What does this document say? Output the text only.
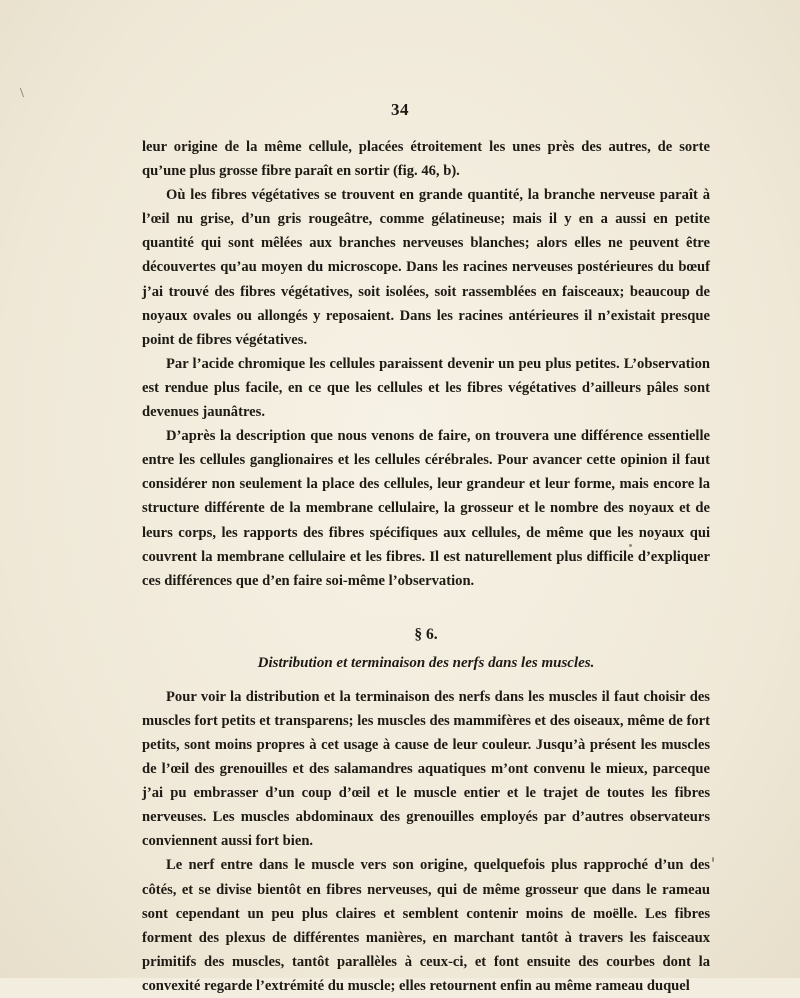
\
34

leur origine de la même cellule, placées étroitement les unes près des autres, de sorte qu’une plus grosse fibre paraît en sortir (fig. 46, b).

Où les fibres végétatives se trouvent en grande quantité, la branche nerveuse paraît à l’œil nu grise, d’un gris rougeâtre, comme gélatineuse; mais il y en a aussi en petite quantité qui sont mêlées aux branches nerveuses blanches; alors elles ne peuvent être découvertes qu’au moyen du microscope. Dans les racines nerveuses postérieures du bœuf j’ai trouvé des fibres végétatives, soit isolées, soit rassemblées en faisceaux; beaucoup de noyaux ovales ou allongés y reposaient. Dans les racines antérieures il n’existait presque point de fibres végétatives.

Par l’acide chromique les cellules paraissent devenir un peu plus petites. L’observation est rendue plus facile, en ce que les cellules et les fibres végétatives d’ailleurs pâles sont devenues jaunâtres.

D’après la description que nous venons de faire, on trouvera une différence essentielle entre les cellules ganglionaires et les cellules cérébrales. Pour avancer cette opinion il faut considérer non seulement la place des cellules, leur grandeur et leur forme, mais encore la structure différente de la membrane cellulaire, la grosseur et le nombre des noyaux et de leurs corps, les rapports des fibres spécifiques aux cellules, de même que les noyaux qui couvrent la membrane cellulaire et les fibres. Il est naturellement plus difficile d’expliquer ces différences que d’en faire soi-même l’observation.

§ 6.
Distribution et terminaison des nerfs dans les muscles.

Pour voir la distribution et la terminaison des nerfs dans les muscles il faut choisir des muscles fort petits et transparens; les muscles des mammifères et des oiseaux, même de fort petits, sont moins propres à cet usage à cause de leur couleur. Jusqu’à présent les muscles de l’œil des grenouilles et des salamandres aquatiques m’ont convenu le mieux, parceque j’ai pu embrasser d’un coup d’œil et le muscle entier et le trajet de toutes les fibres nerveuses. Les muscles abdominaux des grenouilles employés par d’autres observateurs conviennent aussi fort bien.

Le nerf entre dans le muscle vers son origine, quelquefois plus rapproché d’un des côtés, et se divise bientôt en fibres nerveuses, qui de même grosseur que dans le rameau sont cependant un peu plus claires et semblent contenir moins de moëlle. Les fibres forment des plexus de différentes manières, en marchant tantôt à travers les faisceaux primitifs des muscles, tantôt parallèles à ceux-ci, et font ensuite des courbes dont la convexité regarde l’extrémité du muscle; elles retournent enfin au même rameau duquel
